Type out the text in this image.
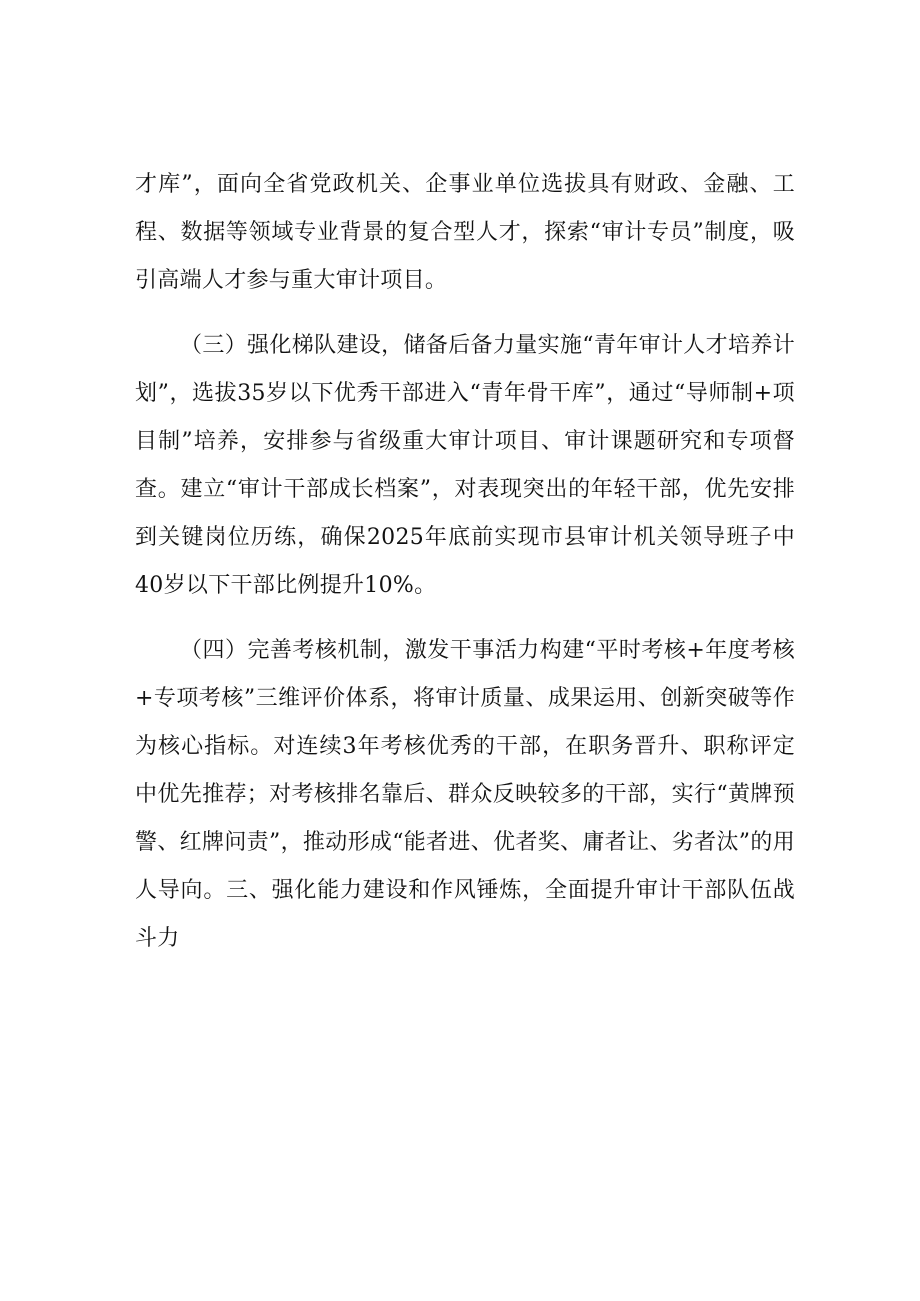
才库”，面向全省党政机关、企事业单位选拔具有财政、金融、工程、数据等领域专业背景的复合型人才，探索“审计专员”制度，吸引高端人才参与重大审计项目。

（三）强化梯队建设，储备后备力量实施“青年审计人才培养计划”，选拔35岁以下优秀干部进入“青年骨干库”，通过“导师制+项目制”培养，安排参与省级重大审计项目、审计课题研究和专项督查。建立“审计干部成长档案”，对表现突出的年轻干部，优先安排到关键岗位历练，确保2025年底前实现市县审计机关领导班子中40岁以下干部比例提升10%。

（四）完善考核机制，激发干事活力构建“平时考核+年度考核+专项考核”三维评价体系，将审计质量、成果运用、创新突破等作为核心指标。对连续3年考核优秀的干部，在职务晋升、职称评定中优先推荐；对考核排名靠后、群众反映较多的干部，实行“黄牌预警、红牌问责”，推动形成“能者进、优者奖、庸者让、劣者汰”的用人导向。三、强化能力建设和作风锤炼，全面提升审计干部队伍战斗力
